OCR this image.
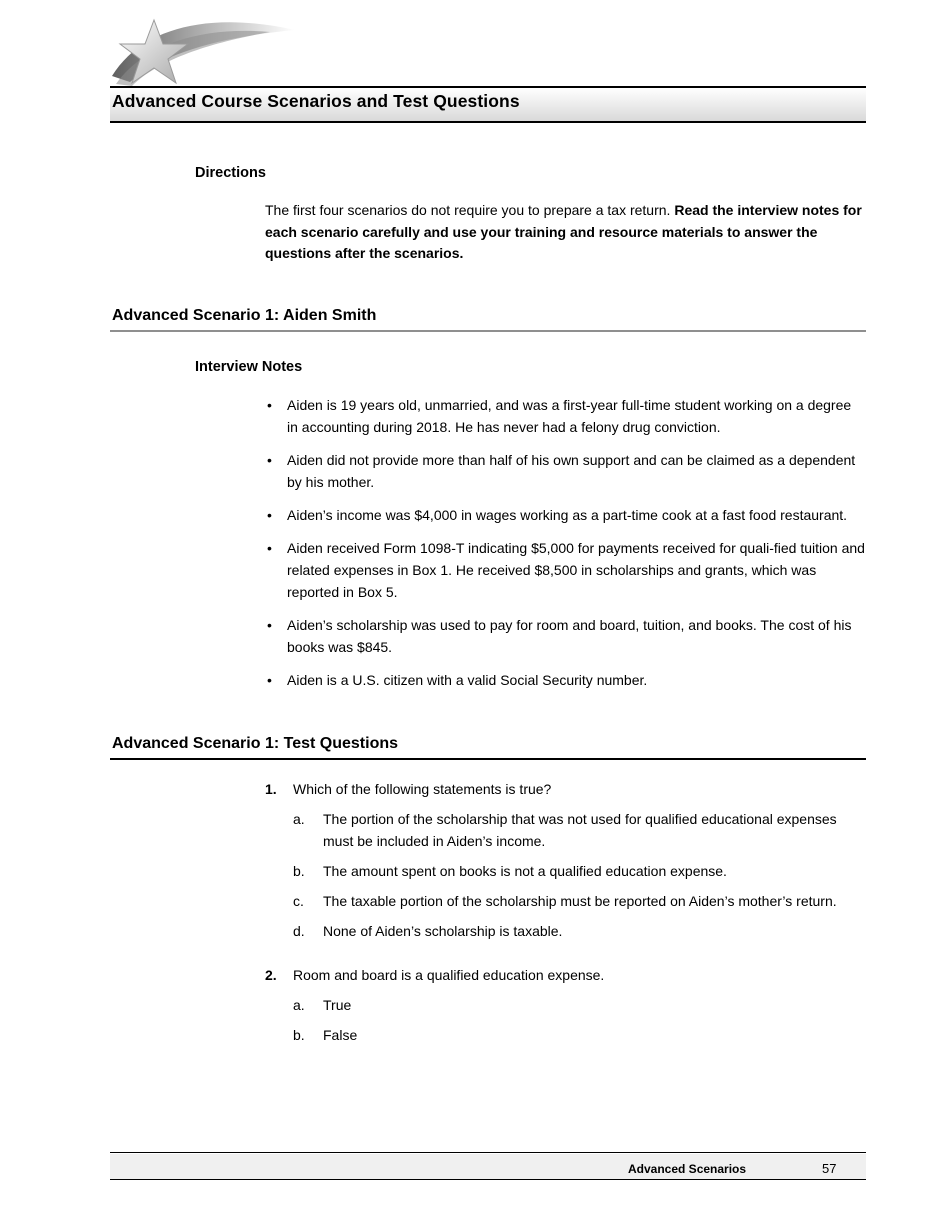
Advanced Course Scenarios and Test Questions
Directions
The first four scenarios do not require you to prepare a tax return. Read the interview notes for each scenario carefully and use your training and resource materials to answer the questions after the scenarios.
Advanced Scenario 1: Aiden Smith
Interview Notes
• Aiden is 19 years old, unmarried, and was a first-year full-time student working on a degree in accounting during 2018. He has never had a felony drug conviction.
• Aiden did not provide more than half of his own support and can be claimed as a dependent by his mother.
• Aiden’s income was $4,000 in wages working as a part-time cook at a fast food restaurant.
• Aiden received Form 1098-T indicating $5,000 for payments received for quali-fied tuition and related expenses in Box 1. He received $8,500 in scholarships and grants, which was reported in Box 5.
• Aiden’s scholarship was used to pay for room and board, tuition, and books. The cost of his books was $845.
• Aiden is a U.S. citizen with a valid Social Security number.
Advanced Scenario 1: Test Questions
1. Which of the following statements is true?
a. The portion of the scholarship that was not used for qualified educational expenses must be included in Aiden’s income.
b. The amount spent on books is not a qualified education expense.
c. The taxable portion of the scholarship must be reported on Aiden’s mother’s return.
d. None of Aiden’s scholarship is taxable.
2. Room and board is a qualified education expense.
a. True
b. False
Advanced Scenarios	57
